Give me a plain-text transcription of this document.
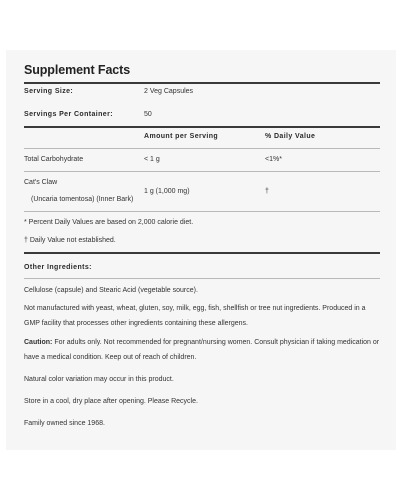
Supplement Facts
Serving Size:	2 Veg Capsules
Servings Per Container:	50
Amount per Serving	% Daily Value
Total Carbohydrate	< 1 g	<1%*
Cat's Claw
(Uncaria tomentosa) (Inner Bark)
1 g (1,000 mg)	†
* Percent Daily Values are based on 2,000 calorie diet.
† Daily Value not established.
Other Ingredients:
Cellulose (capsule) and Stearic Acid (vegetable source).
Not manufactured with yeast, wheat, gluten, soy, milk, egg, fish, shellfish or tree nut ingredients. Produced in a GMP facility that processes other ingredients containing these allergens.
Caution: For adults only. Not recommended for pregnant/nursing women. Consult physician if taking medication or have a medical condition. Keep out of reach of children.
Natural color variation may occur in this product.
Store in a cool, dry place after opening. Please Recycle.
Family owned since 1968.
